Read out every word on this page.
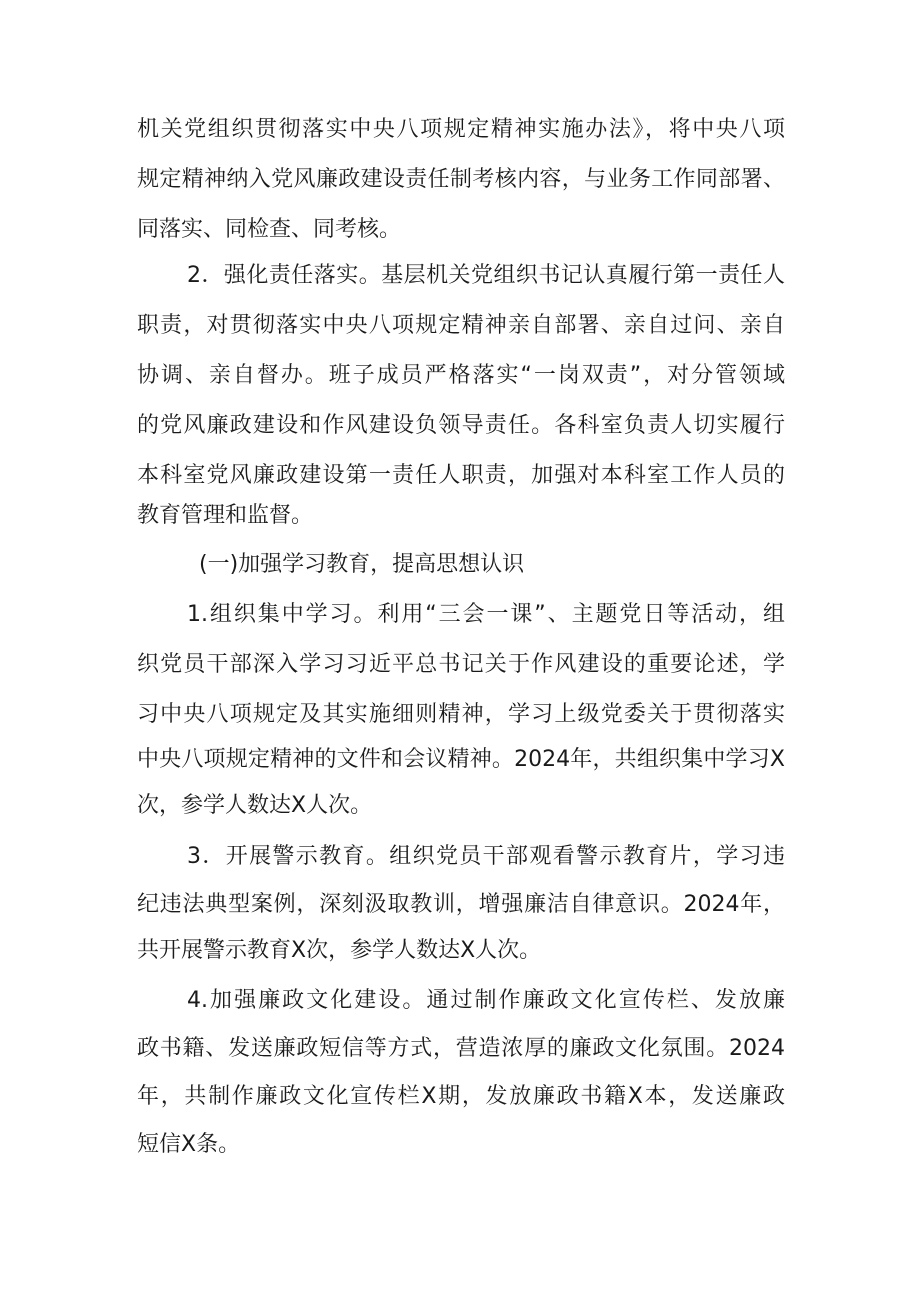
机关党组织贯彻落实中央八项规定精神实施办法》，将中央八项
规定精神纳入党风廉政建设责任制考核内容，与业务工作同部署、
同落实、同检查、同考核。
2．强化责任落实。基层机关党组织书记认真履行第一责任人
职责，对贯彻落实中央八项规定精神亲自部署、亲自过问、亲自
协调、亲自督办。班子成员严格落实“一岗双责”，对分管领域
的党风廉政建设和作风建设负领导责任。各科室负责人切实履行
本科室党风廉政建设第一责任人职责，加强对本科室工作人员的
教育管理和监督。
(一)加强学习教育，提高思想认识
1.组织集中学习。利用“三会一课”、主题党日等活动，组
织党员干部深入学习习近平总书记关于作风建设的重要论述，学
习中央八项规定及其实施细则精神，学习上级党委关于贯彻落实
中央八项规定精神的文件和会议精神。2024年，共组织集中学习X
次，参学人数达X人次。
3．开展警示教育。组织党员干部观看警示教育片，学习违
纪违法典型案例，深刻汲取教训，增强廉洁自律意识。2024年，
共开展警示教育X次，参学人数达X人次。
4.加强廉政文化建设。通过制作廉政文化宣传栏、发放廉
政书籍、发送廉政短信等方式，营造浓厚的廉政文化氛围。2024
年，共制作廉政文化宣传栏X期，发放廉政书籍X本，发送廉政
短信X条。
